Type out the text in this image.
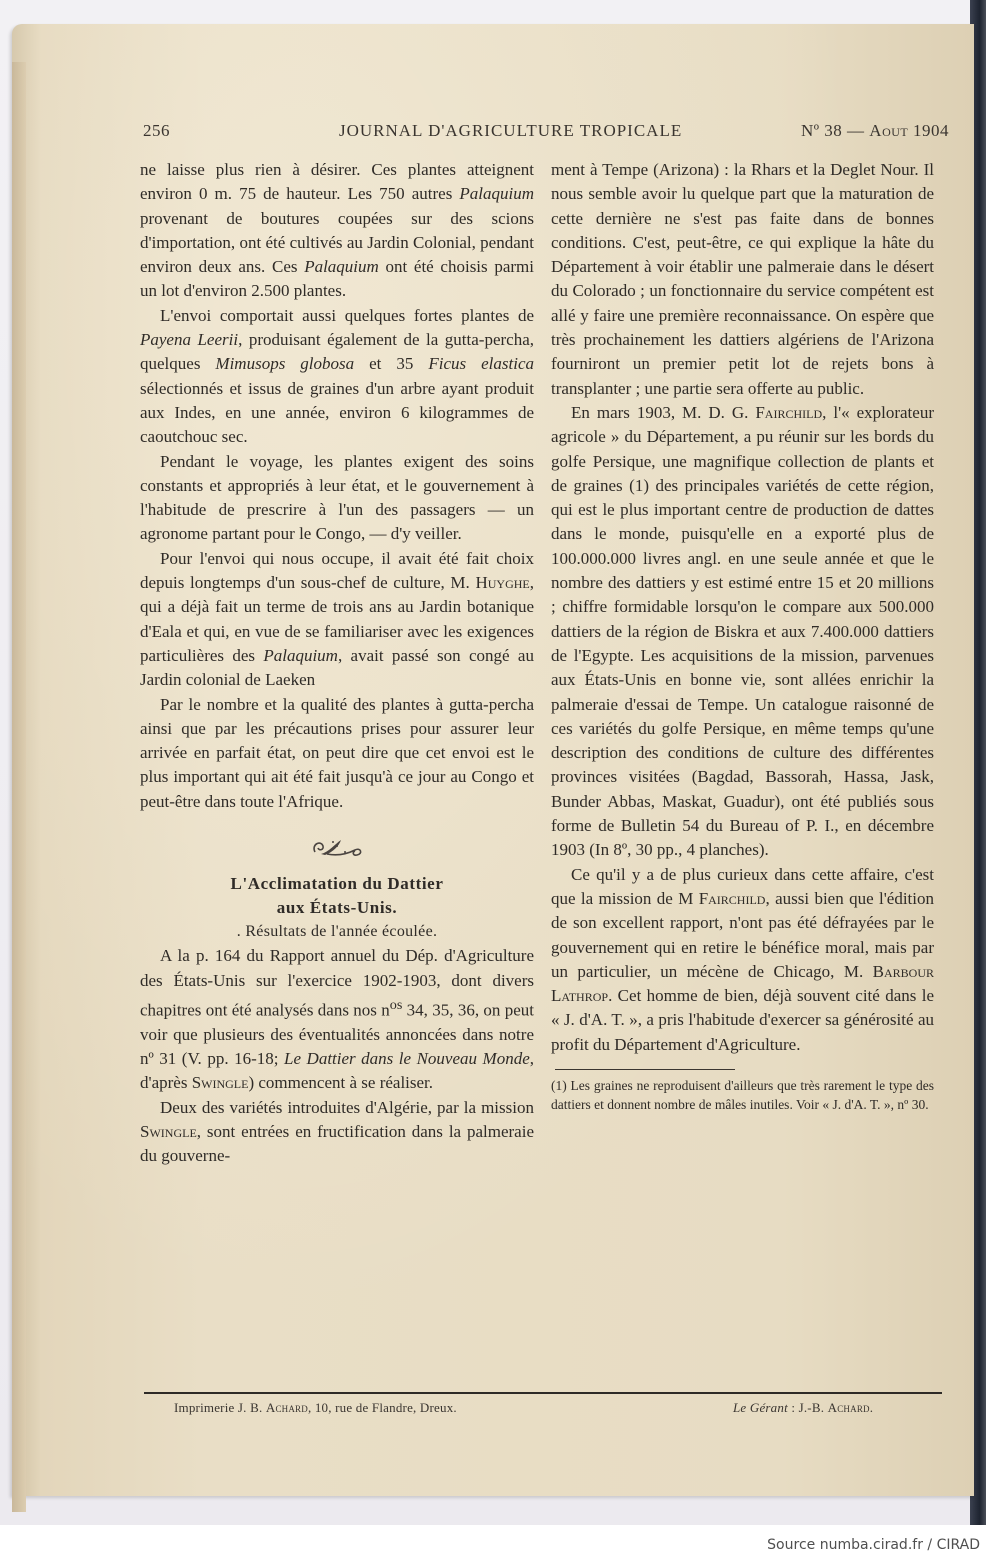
256	JOURNAL D'AGRICULTURE TROPICALE	Nº 38 — Aout 1904

ne laisse plus rien à désirer. Ces plantes atteignent environ 0 m. 75 de hauteur. Les 750 autres Palaquium provenant de boutures coupées sur des scions d'importation, ont été cultivés au Jardin Colonial, pendant environ deux ans. Ces Palaquium ont été choisis parmi un lot d'environ 2.500 plantes.

L'envoi comportait aussi quelques fortes plantes de Payena Leerii, produisant également de la gutta-percha, quelques Mimusops globosa et 35 Ficus elastica sélectionnés et issus de graines d'un arbre ayant produit aux Indes, en une année, environ 6 kilogrammes de caoutchouc sec.

Pendant le voyage, les plantes exigent des soins constants et appropriés à leur état, et le gouvernement à l'habitude de prescrire à l'un des passagers — un agronome partant pour le Congo, — d'y veiller.

Pour l'envoi qui nous occupe, il avait été fait choix depuis longtemps d'un sous-chef de culture, M. Huyghe, qui a déjà fait un terme de trois ans au Jardin botanique d'Eala et qui, en vue de se familiariser avec les exigences particulières des Palaquium, avait passé son congé au Jardin colonial de Laeken

Par le nombre et la qualité des plantes à gutta-percha ainsi que par les précautions prises pour assurer leur arrivée en parfait état, on peut dire que cet envoi est le plus important qui ait été fait jusqu'à ce jour au Congo et peut-être dans toute l'Afrique.

L'Acclimatation du Dattier

aux États-Unis.

. Résultats de l'année écoulée.

A la p. 164 du Rapport annuel du Dép. d'Agriculture des États-Unis sur l'exercice 1902-1903, dont divers chapitres ont été analysés dans nos $n^{os}$ 34, 35, 36, on peut voir que plusieurs des éventualités annoncées dans notre nº 31 (V. pp. 16-18; Le Dattier dans le Nouveau Monde, d'après Swingle) commencent à se réaliser.

Deux des variétés introduites d'Algérie, par la mission Swingle, sont entrées en fructification dans la palmeraie du gouverne-

ment à Tempe (Arizona) : la Rhars et la Deglet Nour. Il nous semble avoir lu quelque part que la maturation de cette dernière ne s'est pas faite dans de bonnes conditions. C'est, peut-être, ce qui explique la hâte du Département à voir établir une palmeraie dans le désert du Colorado ; un fonctionnaire du service compétent est allé y faire une première reconnaissance. On espère que très prochainement les dattiers algériens de l'Arizona fourniront un premier petit lot de rejets bons à transplanter ; une partie sera offerte au public.

En mars 1903, M. D. G. Fairchild, l'« explorateur agricole » du Département, a pu réunir sur les bords du golfe Persique, une magnifique collection de plants et de graines (1) des principales variétés de cette région, qui est le plus important centre de production de dattes dans le monde, puisqu'elle en a exporté plus de 100.000.000 livres angl. en une seule année et que le nombre des dattiers y est estimé entre 15 et 20 millions ; chiffre formidable lorsqu'on le compare aux 500.000 dattiers de la région de Biskra et aux 7.400.000 dattiers de l'Egypte. Les acquisitions de la mission, parvenues aux États-Unis en bonne vie, sont allées enrichir la palmeraie d'essai de Tempe. Un catalogue raisonné de ces variétés du golfe Persique, en même temps qu'une description des conditions de culture des différentes provinces visitées (Bagdad, Bassorah, Hassa, Jask, Bunder Abbas, Maskat, Guadur), ont été publiés sous forme de Bulletin 54 du Bureau of P. I., en décembre 1903 (In 8º, 30 pp., 4 planches).

Ce qu'il y a de plus curieux dans cette affaire, c'est que la mission de M Fairchild, aussi bien que l'édition de son excellent rapport, n'ont pas été défrayées par le gouvernement qui en retire le bénéfice moral, mais par un particulier, un mécène de Chicago, M. Barbour Lathrop. Cet homme de bien, déjà souvent cité dans le « J. d'A. T. », a pris l'habitude d'exercer sa générosité au profit du Département d'Agriculture.

(1) Les graines ne reproduisent d'ailleurs que très rarement le type des dattiers et donnent nombre de mâles inutiles. Voir « J. d'A. T. », nº 30.

Imprimerie J. B. Achard, 10, rue de Flandre, Dreux.	Le Gérant : J.-B. Achard.
Source numba.cirad.fr / CIRAD
